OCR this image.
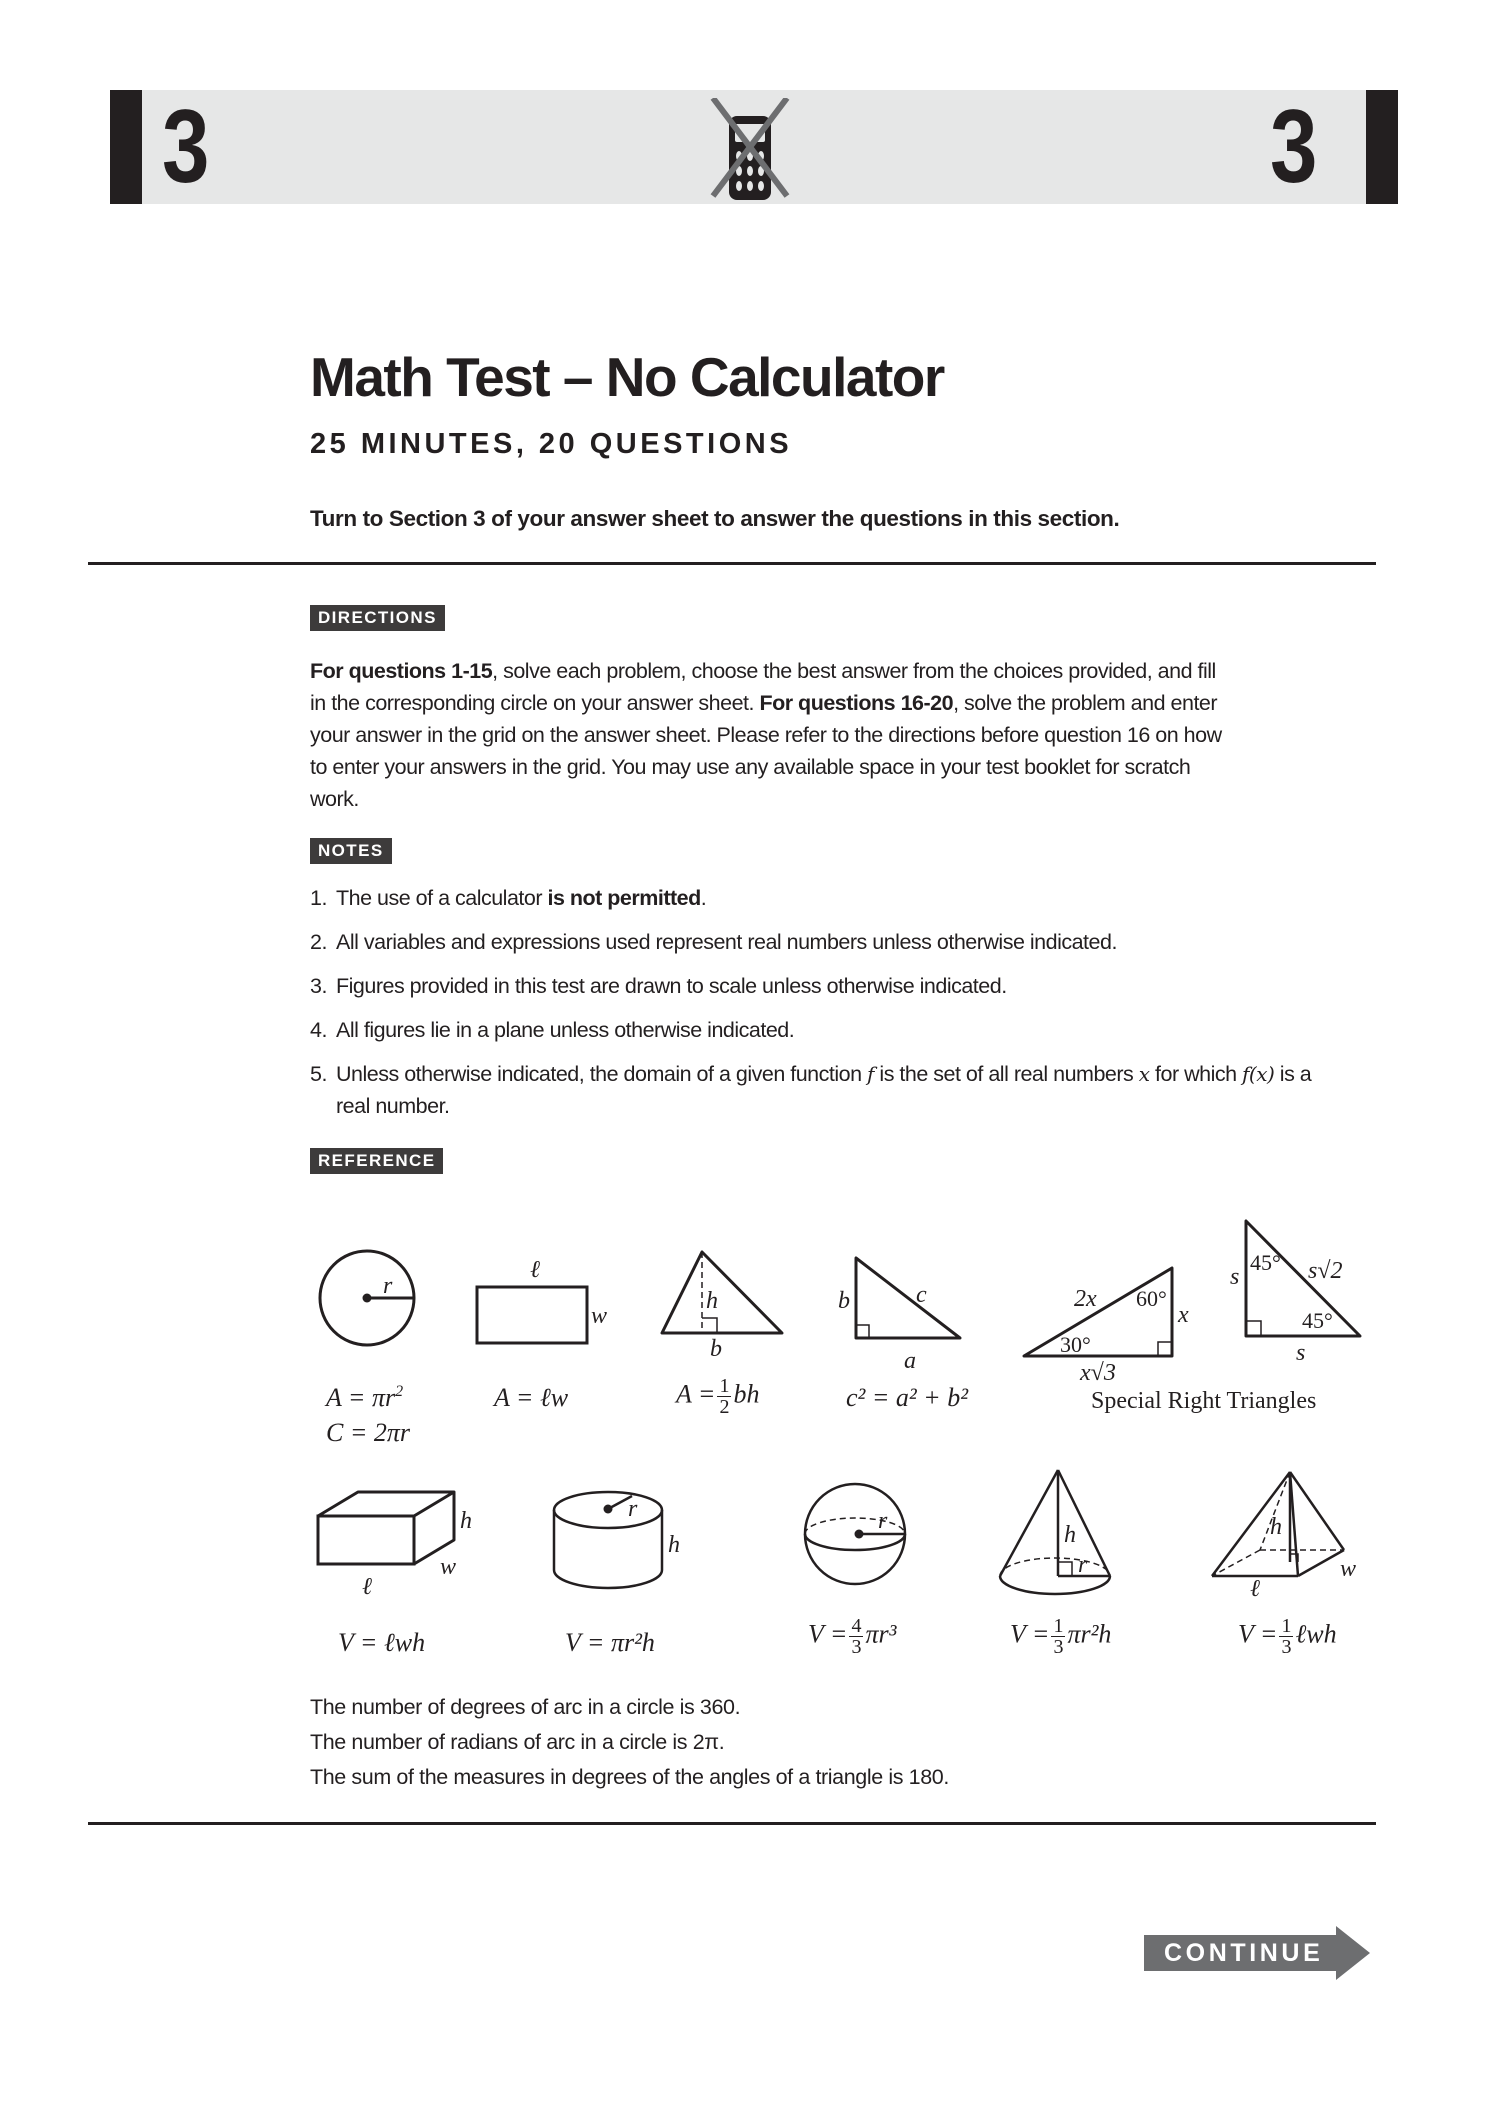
3	3
Math Test – No Calculator
25 MINUTES, 20 QUESTIONS
Turn to Section 3 of your answer sheet to answer the questions in this section.
DIRECTIONS
For questions 1-15, solve each problem, choose the best answer from the choices provided, and fill in the corresponding circle on your answer sheet. For questions 16-20, solve the problem and enter your answer in the grid on the answer sheet. Please refer to the directions before question 16 on how to enter your answers in the grid. You may use any available space in your test booklet for scratch work.
NOTES
1. The use of a calculator is not permitted.
2. All variables and expressions used represent real numbers unless otherwise indicated.
3. Figures provided in this test are drawn to scale unless otherwise indicated.
4. All figures lie in a plane unless otherwise indicated.
5. Unless otherwise indicated, the domain of a given function f is the set of all real numbers x for which f(x) is a real number.
REFERENCE
r
$A = \pi r^2$
C = 2πr
ℓ
w
A = ℓw
h
b
$A = \frac{1}{2}$ bh
b	c
a
c² = a² + b²
2x 60°
x
30°
x√3
s
45° s√2
45°
s
Special Right Triangles
h
w
ℓ
V = ℓwh
r
h
V = πr²h
r
$V = \frac{4}{3} \pi r^3$
h
r
$V = \frac{1}{3} \pi r^2h$
h
ℓ
w
$V = \frac{1}{3}$ ℓwh
The number of degrees of arc in a circle is 360.
The number of radians of arc in a circle is 2π.
The sum of the measures in degrees of the angles of a triangle is 180.
CONTINUE
